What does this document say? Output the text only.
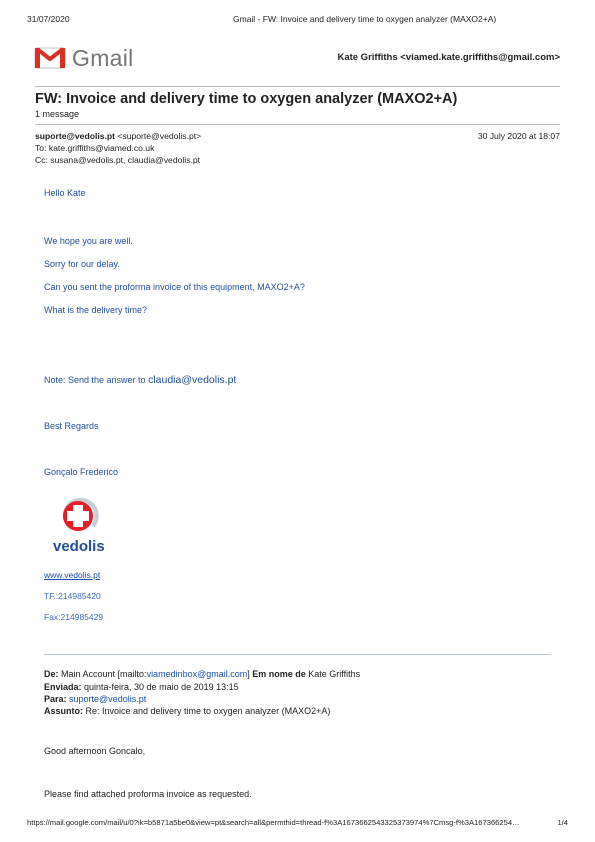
31/07/2020	Gmail - FW: Invoice and delivery time to oxygen analyzer (MAXO2+A)
Gmail	Kate Griffiths <viamed.kate.griffiths@gmail.com>
FW: Invoice and delivery time to oxygen analyzer (MAXO2+A)
1 message
suporte@vedolis.pt <suporte@vedolis.pt>	30 July 2020 at 18:07
To: kate.griffiths@viamed.co.uk
Cc: susana@vedolis.pt, claudia@vedolis.pt
Hello Kate
We hope you are well.
Sorry for our delay.
Can you sent the proforma invoice of this equipment, MAXO2+A?
What is the delivery time?
Note: Send the answer to claudia@vedolis.pt
Best Regards
Gonçalo Frederico
vedolis
www.vedolis.pt
TF.:214985420
Fax:214985429
De: Main Account [mailto:viamedinbox@gmail.com] Em nome de Kate Griffiths
Enviada: quinta-feira, 30 de maio de 2019 13:15
Para: suporte@vedolis.pt
Assunto: Re: Invoice and delivery time to oxygen analyzer (MAXO2+A)
Good afternoon Goncalo,
Please find attached proforma invoice as requested.
https://mail.google.com/mail/u/0?ik=b5871a5be0&view=pt&search=all&permthid=thread-f%3A1673662543325373974%7Cmsg-f%3A167366254…	1/4
